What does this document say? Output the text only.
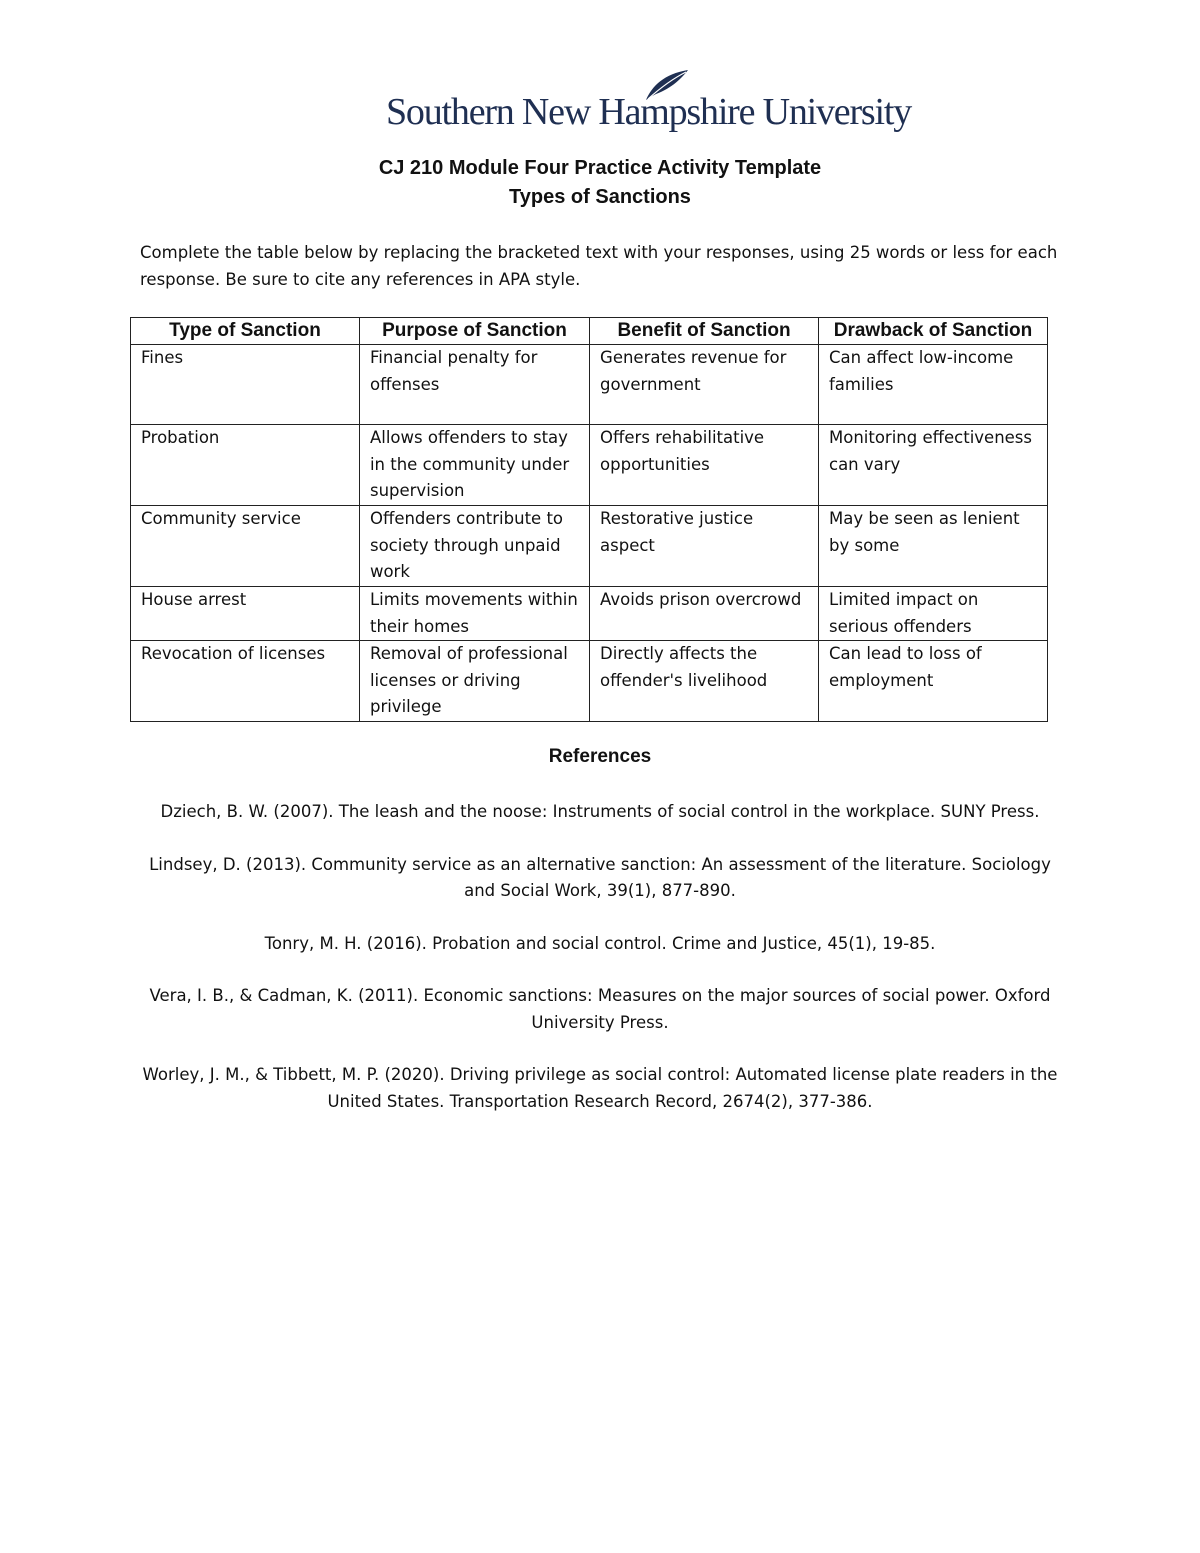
Southern New Hampshire University
CJ 210 Module Four Practice Activity Template
Types of Sanctions
Complete the table below by replacing the bracketed text with your responses, using 25 words or less for each response. Be sure to cite any references in APA style.
Type of Sanction	Purpose of Sanction	Benefit of Sanction	Drawback of Sanction
Fines	Financial penalty for offenses	Generates revenue for government	Can affect low-income families
Probation	Allows offenders to stay in the community under supervision	Offers rehabilitative opportunities	Monitoring effectiveness can vary
Community service	Offenders contribute to society through unpaid work	Restorative justice aspect	May be seen as lenient by some
House arrest	Limits movements within their homes	Avoids prison overcrowd	Limited impact on serious offenders
Revocation of licenses	Removal of professional licenses or driving privilege	Directly affects the offender's livelihood	Can lead to loss of employment
References

Dziech, B. W. (2007). The leash and the noose: Instruments of social control in the workplace. SUNY Press.

Lindsey, D. (2013). Community service as an alternative sanction: An assessment of the literature. Sociology and Social Work, 39(1), 877-890.

Tonry, M. H. (2016). Probation and social control. Crime and Justice, 45(1), 19-85.

Vera, I. B., & Cadman, K. (2011). Economic sanctions: Measures on the major sources of social power. Oxford University Press.

Worley, J. M., & Tibbett, M. P. (2020). Driving privilege as social control: Automated license plate readers in the United States. Transportation Research Record, 2674(2), 377-386.
